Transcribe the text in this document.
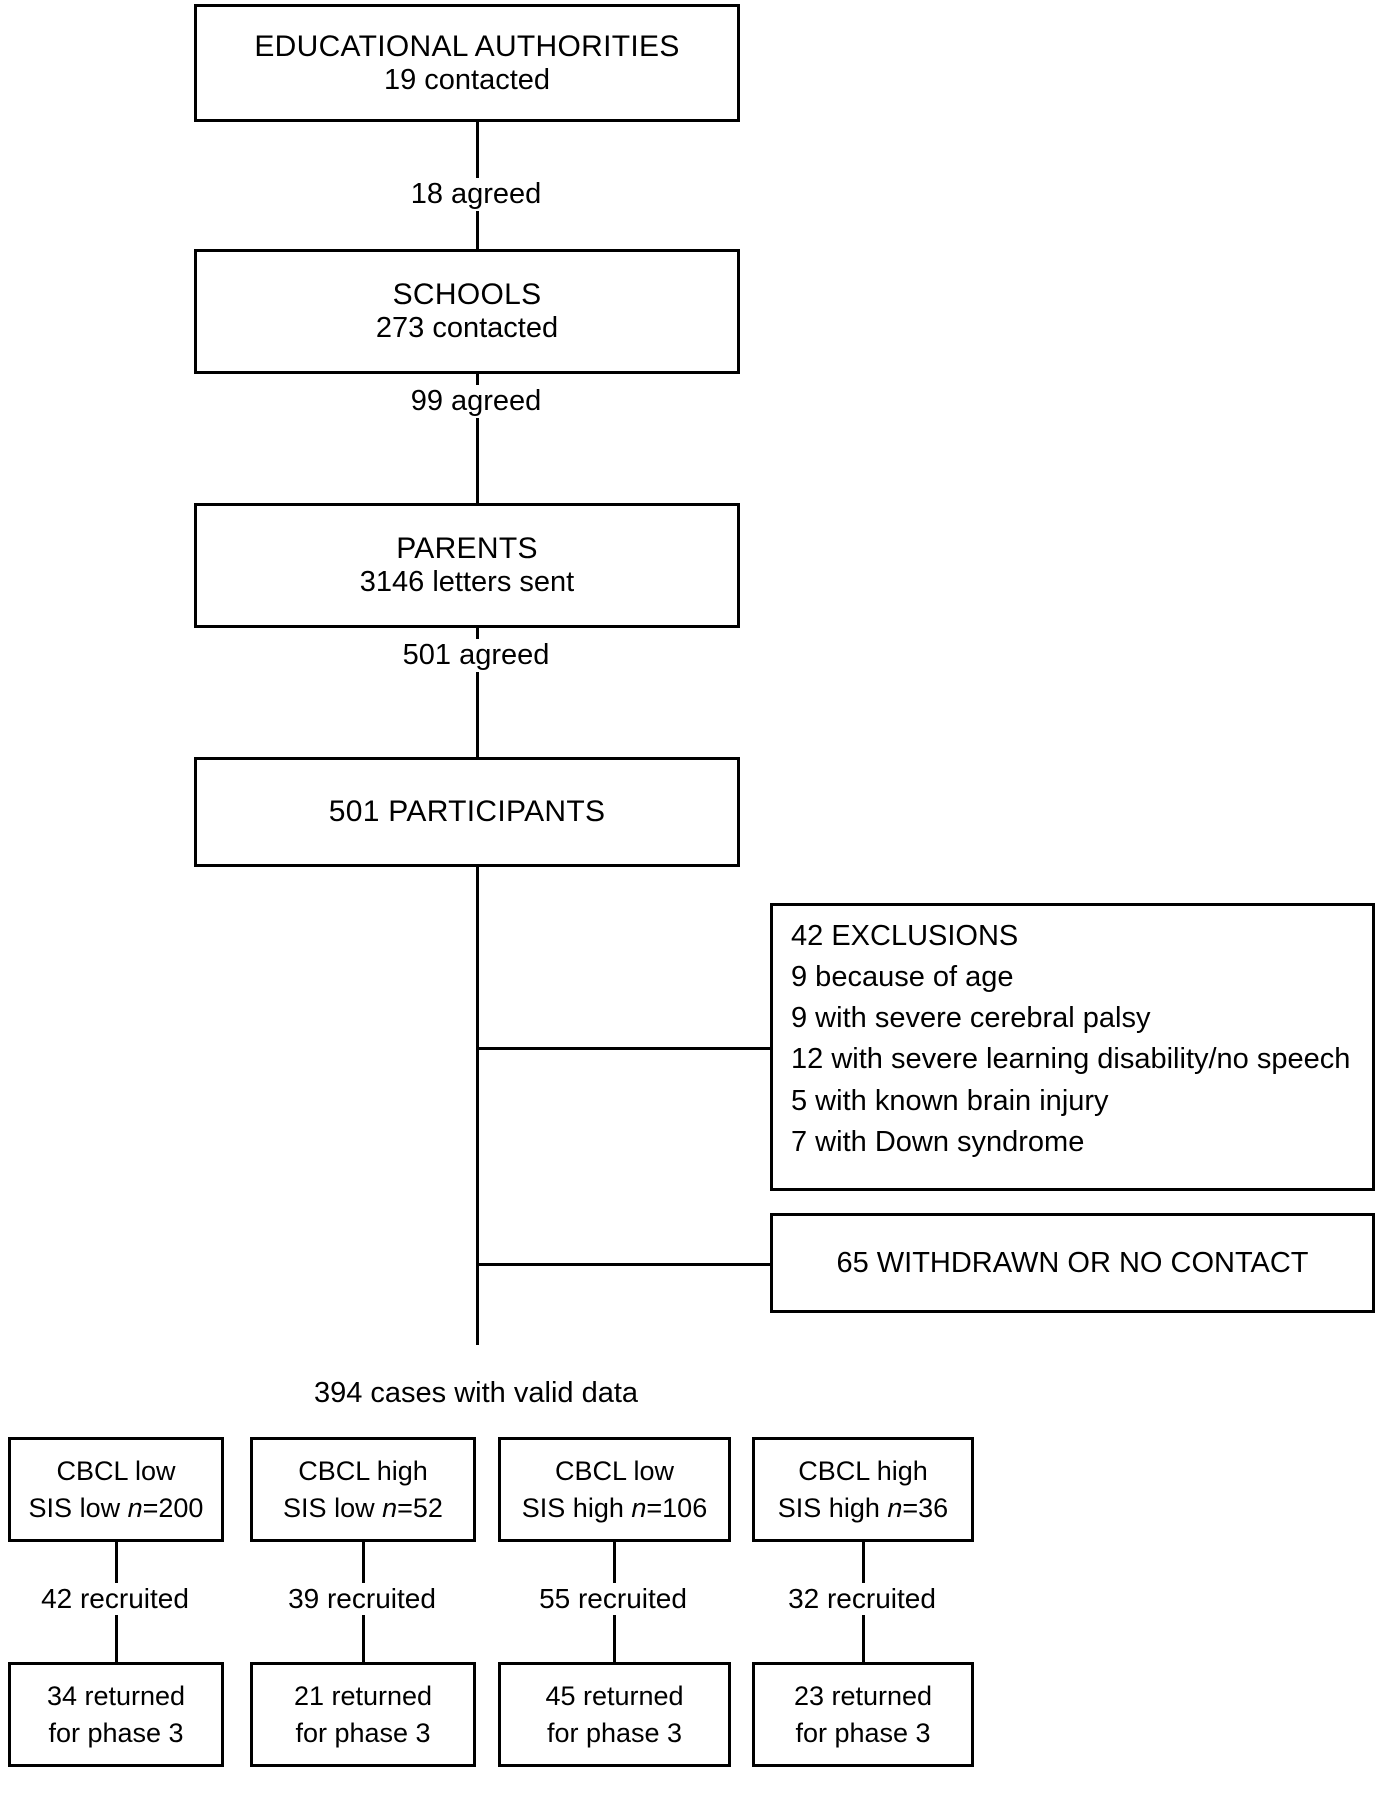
EDUCATIONAL AUTHORITIES
19 contacted
18 agreed
SCHOOLS
273 contacted
99 agreed
PARENTS
3146 letters sent
501 agreed
501 PARTICIPANTS
42 EXCLUSIONS
9 because of age
9 with severe cerebral palsy
12 with severe learning disability/no speech
5 with known brain injury
7 with Down syndrome
65 WITHDRAWN OR NO CONTACT
394 cases with valid data
CBCL low
SIS low n=200
42 recruited
34 returned
for phase 3
CBCL high
SIS low n=52
39 recruited
21 returned
for phase 3
CBCL low
SIS high n=106
55 recruited
45 returned
for phase 3
CBCL high
SIS high n=36
32 recruited
23 returned
for phase 3
